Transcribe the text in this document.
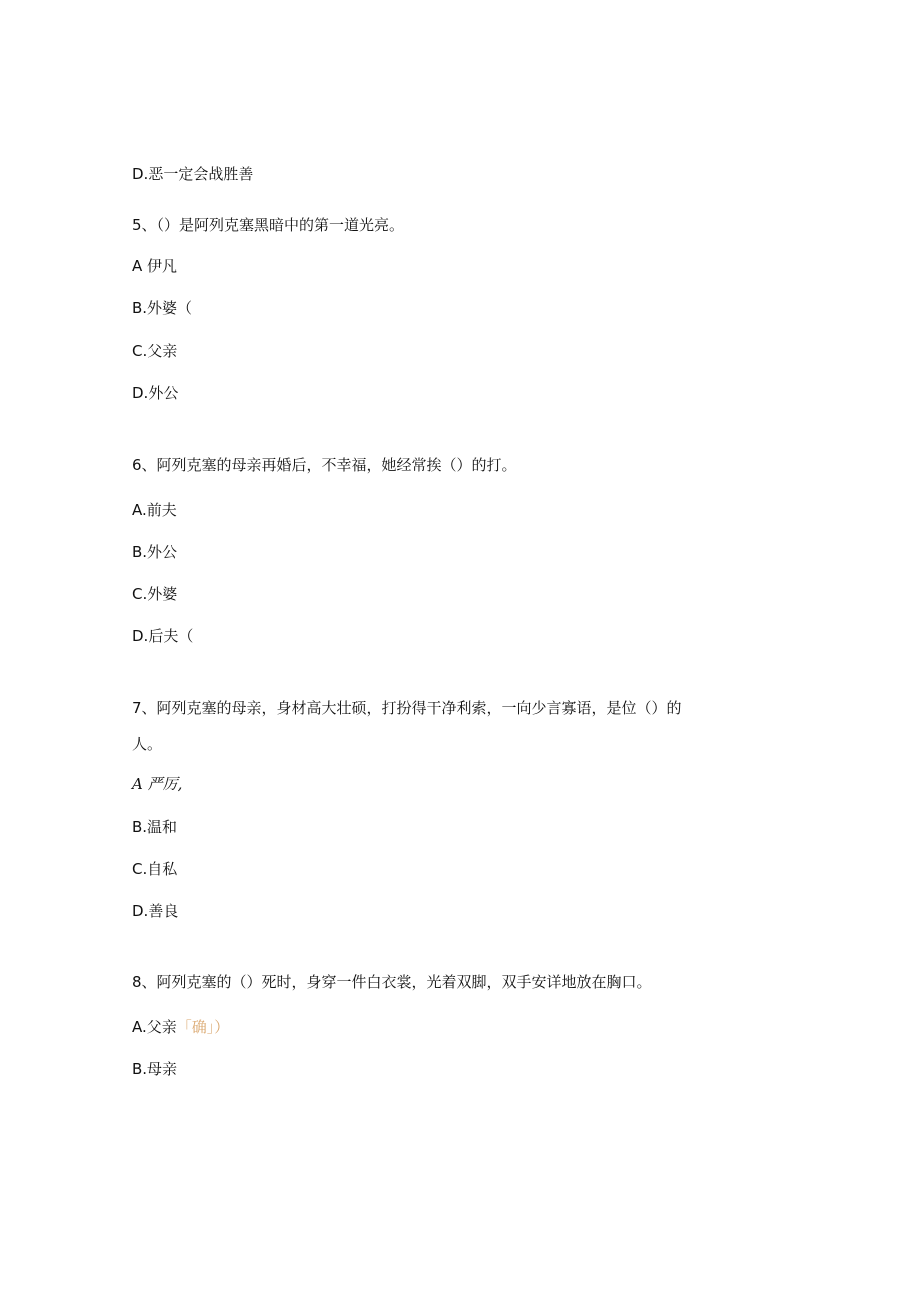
D.恶一定会战胜善
5、（）是阿列克塞黑暗中的第一道光亮。
A 伊凡
B.外婆（
C.父亲
D.外公
6、阿列克塞的母亲再婚后，不幸福，她经常挨（）的打。
A.前夫
B.外公
C.外婆
D.后夫（
7、阿列克塞的母亲，身材高大壮硕，打扮得干净利索，一向少言寡语，是位（）的
人。
A 严厉,
B.温和
C.自私
D.善良
8、阿列克塞的（）死时，身穿一件白衣裳，光着双脚，双手安详地放在胸口。
A.父亲「确」）
B.母亲
